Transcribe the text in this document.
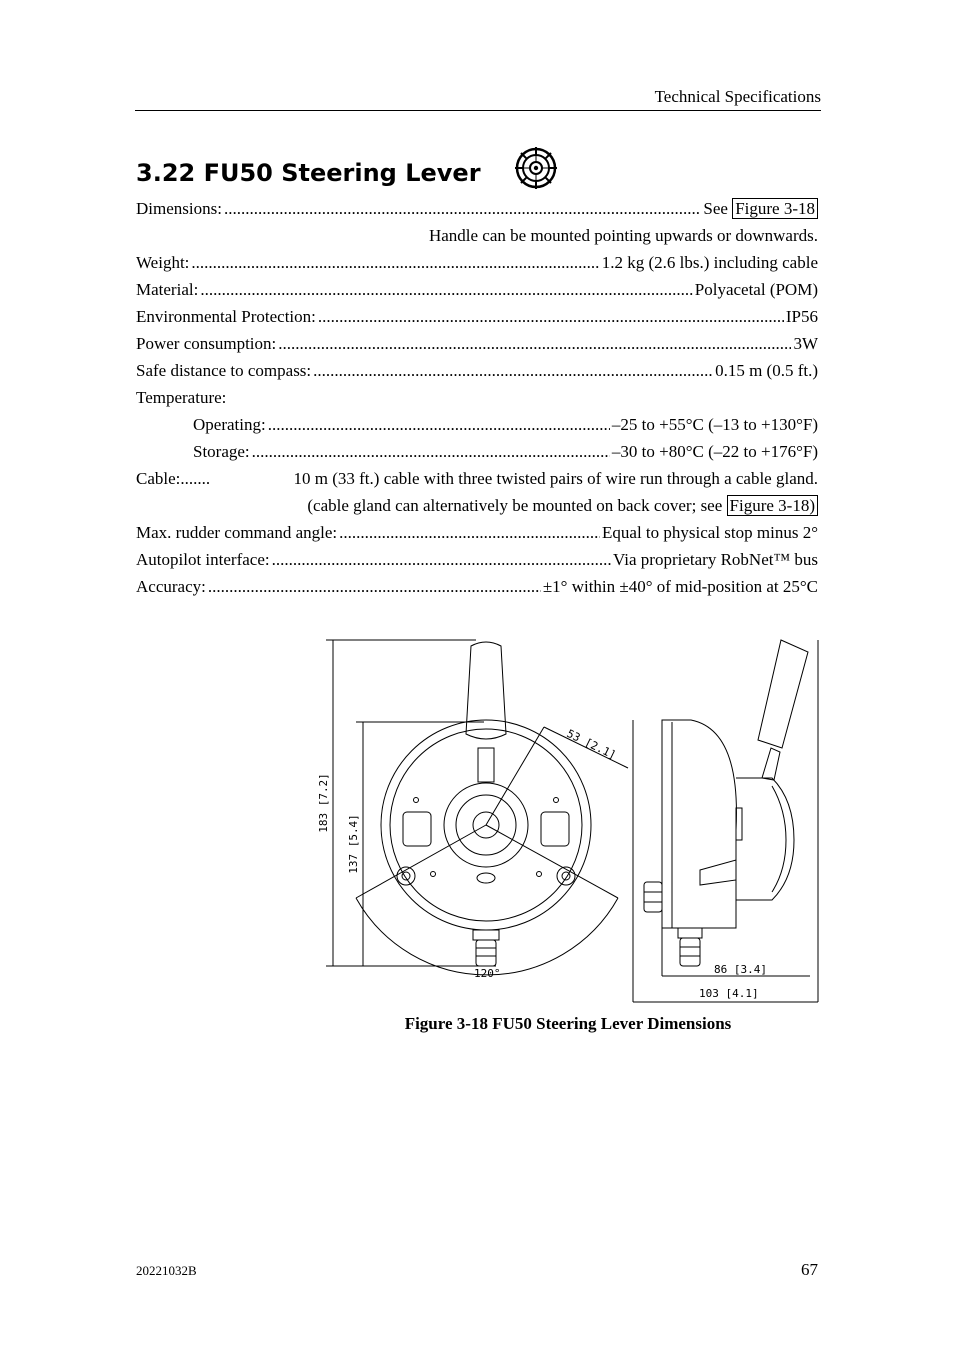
Technical Specifications
3.22 FU50 Steering Lever
Dimensions: .....	See Figure 3-18
Handle can be mounted pointing upwards or downwards.
Weight: .....	1.2 kg (2.6 lbs.) including cable
Material: .....	Polyacetal (POM)
Environmental Protection: .....	IP56
Power consumption: .....	3W
Safe distance to compass: .....	0.15 m (0.5 ft.)
Temperature:
Operating: .....	–25 to +55°C (–13 to +130°F)
Storage: .....	–30 to +80°C (–22 to +176°F)
Cable:.......	10 m (33 ft.) cable with three twisted pairs of wire run through a cable gland.
(cable gland can alternatively be mounted on back cover; see Figure 3-18)
Max. rudder command angle: .....	Equal to physical stop minus 2°
Autopilot interface: .....	Via proprietary RobNet™ bus
Accuracy: .....	±1° within ±40° of mid-position at 25°C
183 [7.2]
137 [5.4]
53 [2.1]
120°	86 [3.4]
103 [4.1]
Figure 3-18 FU50 Steering Lever Dimensions
20221032B	67
